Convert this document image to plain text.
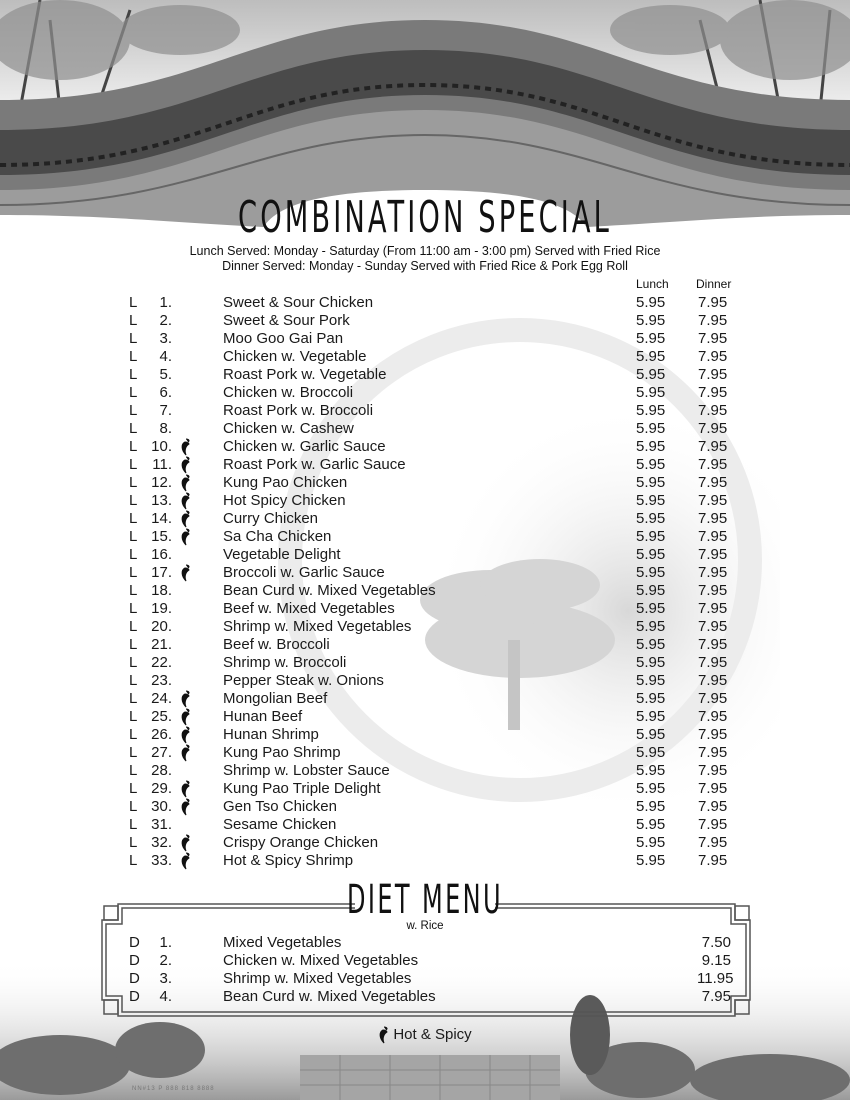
COMBINATION SPECIAL
Lunch Served: Monday - Saturday (From 11:00 am - 3:00 pm) Served with Fried Rice
Dinner Served: Monday - Sunday Served with Fried Rice & Pork Egg Roll
Lunch Dinner
L	1.	Sweet & Sour Chicken	5.95 7.95
L	2.	Sweet & Sour Pork	5.95 7.95
L	3.	Moo Goo Gai Pan	5.95 7.95
L	4.	Chicken w. Vegetable	5.95 7.95
L	5.	Roast Pork w. Vegetable	5.95 7.95
L	6.	Chicken w. Broccoli	5.95 7.95
L	7.	Roast Pork w. Broccoli	5.95 7.95
L	8.	Chicken w. Cashew	5.95 7.95
L 10.	Chicken w. Garlic Sauce	5.95 7.95
L 11.	Roast Pork w. Garlic Sauce	5.95 7.95
L 12.	Kung Pao Chicken	5.95 7.95
L 13.	Hot Spicy Chicken	5.95 7.95
L 14.	Curry Chicken	5.95 7.95
L 15.	Sa Cha Chicken	5.95 7.95
L 16.	Vegetable Delight	5.95 7.95
L 17.	Broccoli w. Garlic Sauce	5.95 7.95
L 18.	Bean Curd w. Mixed Vegetables	5.95 7.95
L 19.	Beef w. Mixed Vegetables	5.95 7.95
L 20.	Shrimp w. Mixed Vegetables	5.95 7.95
L 21.	Beef w. Broccoli	5.95 7.95
L 22.	Shrimp w. Broccoli	5.95 7.95
L 23.	Pepper Steak w. Onions	5.95 7.95
L 24.	Mongolian Beef	5.95 7.95
L 25.	Hunan Beef	5.95 7.95
L 26.	Hunan Shrimp	5.95 7.95
L 27.	Kung Pao Shrimp	5.95 7.95
L 28.	Shrimp w. Lobster Sauce	5.95 7.95
L 29.	Kung Pao Triple Delight	5.95 7.95
L 30.	Gen Tso Chicken	5.95 7.95
L 31.	Sesame Chicken	5.95 7.95
L 32.	Crispy Orange Chicken	5.95 7.95
L 33.	Hot & Spicy Shrimp	5.95 7.95
DIET MENU
w. Rice
D	1.	Mixed Vegetables	7.50
D	2.	Chicken w. Mixed Vegetables	9.15
D	3.	Shrimp w. Mixed Vegetables	11.95
D	4.	Bean Curd w. Mixed Vegetables	7.95
Hot & Spicy
NN#13 P 888 818 8888
